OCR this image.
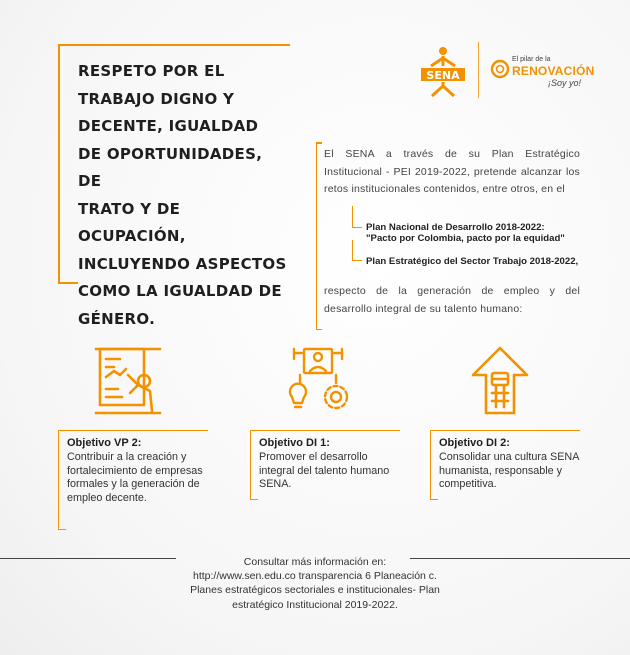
RESPETO POR EL
TRABAJO DIGNO Y
DECENTE, IGUALDAD
DE OPORTUNIDADES, DE
TRATO Y DE OCUPACIÓN,
INCLUYENDO ASPECTOS
COMO LA IGUALDAD DE
GÉNERO.
SENA
El pilar de la
RENOVACIÓN
¡Soy yo!
El SENA a través de su Plan Estratégico Institucional - PEI 2019-2022, pretende alcanzar los retos institucionales contenidos, entre otros, en el
Plan Nacional de Desarrollo 2018-2022:
"Pacto por Colombia, pacto por la equidad"
Plan Estratégico del Sector Trabajo 2018-2022,
respecto de la generación de empleo y del desarrollo integral de su talento humano:
Objetivo VP 2:
Contribuir a la creación y fortalecimiento de empresas formales y la generación de empleo decente.
Objetivo DI 1:
Promover el desarrollo integral del talento humano SENA.
Objetivo DI 2:
Consolidar una cultura SENA humanista, responsable y competitiva.
Consultar más información en:
http://www.sen.edu.co transparencia 6 Planeación c.
Planes estratégicos sectoriales e institucionales- Plan
estratégico Institucional 2019-2022.
